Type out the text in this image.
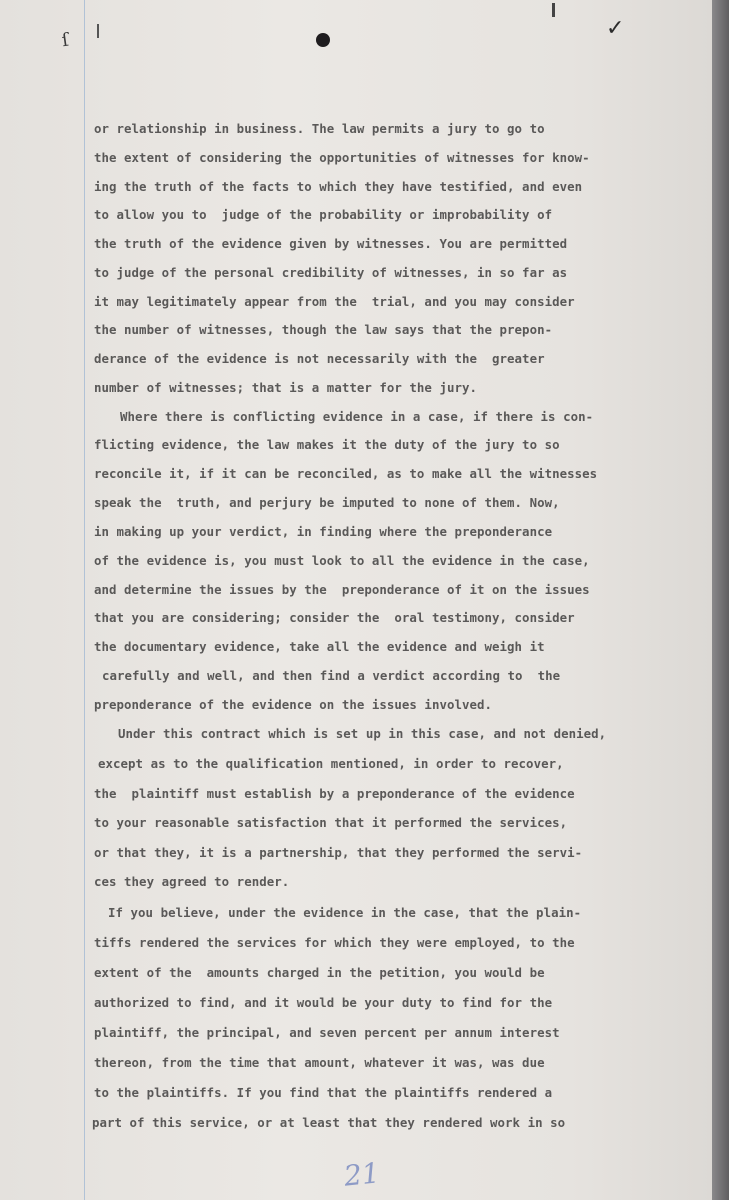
ſ	✓
or relationship in business. The law permits a jury to go to
the extent of considering the opportunities of witnesses for know-
ing the truth of the facts to which they have testified, and even
to allow you to  judge of the probability or improbability of
the truth of the evidence given by witnesses. You are permitted
to judge of the personal credibility of witnesses, in so far as
it may legitimately appear from the  trial, and you may consider
the number of witnesses, though the law says that the prepon-
derance of the evidence is not necessarily with the  greater
number of witnesses; that is a matter for the jury.
Where there is conflicting evidence in a case, if there is con-
flicting evidence, the law makes it the duty of the jury to so
reconcile it, if it can be reconciled, as to make all the witnesses
speak the  truth, and perjury be imputed to none of them. Now,
in making up your verdict, in finding where the preponderance
of the evidence is, you must look to all the evidence in the case,
and determine the issues by the  preponderance of it on the issues
that you are considering; consider the  oral testimony, consider
the documentary evidence, take all the evidence and weigh it
carefully and well, and then find a verdict according to  the
preponderance of the evidence on the issues involved.
Under this contract which is set up in this case, and not denied,
except as to the qualification mentioned, in order to recover,
the  plaintiff must establish by a preponderance of the evidence
to your reasonable satisfaction that it performed the services,
or that they, it is a partnership, that they performed the servi-
ces they agreed to render.
If you believe, under the evidence in the case, that the plain-
tiffs rendered the services for which they were employed, to the
extent of the  amounts charged in the petition, you would be
authorized to find, and it would be your duty to find for the
plaintiff, the principal, and seven percent per annum interest
thereon, from the time that amount, whatever it was, was due
to the plaintiffs. If you find that the plaintiffs rendered a
part of this service, or at least that they rendered work in so
21
